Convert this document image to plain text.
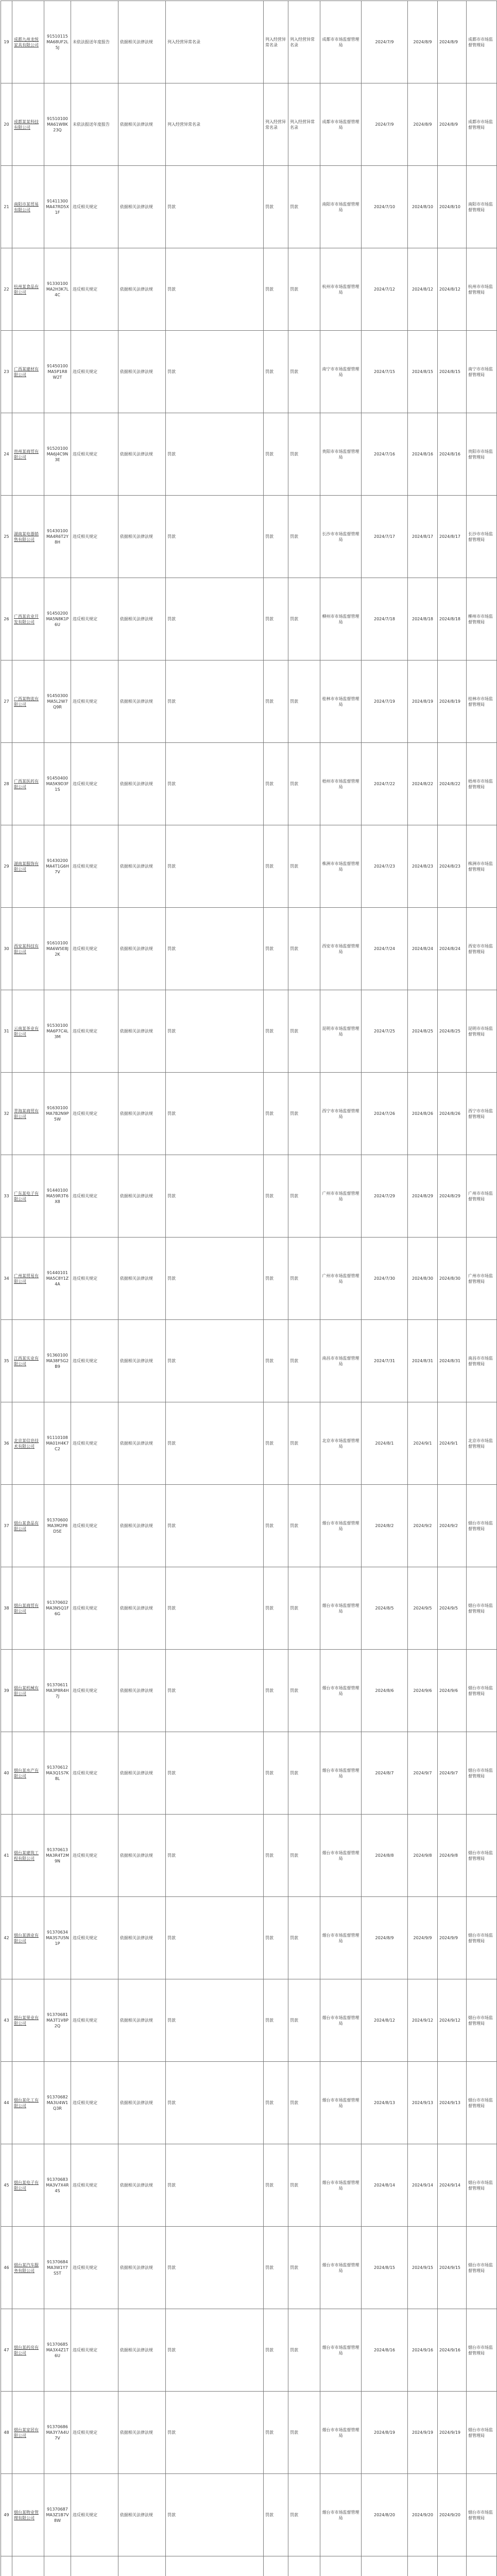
19	成都九州龙悦家具有限公司	91510115MA68UF2L5J	未依法报送年度报告	依据相关法律法规	列入经营异常名录	列入经营异常名录	列入经营异常名录	成都市市场监督管理局	2024/7/9	2024/8/9	2024/8/9	成都市市场监督管理局
20	成都某某科技有限公司	91510100MA61W8K23Q	未依法报送年度报告	依据相关法律法规	列入经营异常名录	列入经营异常名录	列入经营异常名录	成都市市场监督管理局	2024/7/9	2024/8/9	2024/8/9	成都市市场监督管理局
21	南阳市某贸易有限公司	91411300MA47RD5X1F	违反相关规定	依据相关法律法规	罚款	罚款	罚款	南阳市市场监督管理局	2024/7/10	2024/8/10	2024/8/10	南阳市市场监督管理局
22	杭州某食品有限公司	91330100MA2H3K7L4C	违反相关规定	依据相关法律法规	罚款	罚款	罚款	杭州市市场监督管理局	2024/7/12	2024/8/12	2024/8/12	杭州市市场监督管理局
23	广西某建材有限公司	91450100MA5P1R8W2T	违反相关规定	依据相关法律法规	罚款	罚款	罚款	南宁市市场监督管理局	2024/7/15	2024/8/15	2024/8/15	南宁市市场监督管理局
24	贵州某商贸有限公司	91520100MA6J4C9N3E	违反相关规定	依据相关法律法规	罚款	罚款	罚款	贵阳市市场监督管理局	2024/7/16	2024/8/16	2024/8/16	贵阳市市场监督管理局
25	湖南某电器销售有限公司	91430100MA4R6T2Y8H	违反相关规定	依据相关法律法规	罚款	罚款	罚款	长沙市市场监督管理局	2024/7/17	2024/8/17	2024/8/17	长沙市市场监督管理局
26	广西某农业开发有限公司	91450200MA5N8K1P6U	违反相关规定	依据相关法律法规	罚款	罚款	罚款	柳州市市场监督管理局	2024/7/18	2024/8/18	2024/8/18	柳州市市场监督管理局
27	广西某物流有限公司	91450300MA5L2W7Q9R	违反相关规定	依据相关法律法规	罚款	罚款	罚款	桂林市市场监督管理局	2024/7/19	2024/8/19	2024/8/19	桂林市市场监督管理局
28	广西某医药有限公司	91450400MA5K9D3F1S	违反相关规定	依据相关法律法规	罚款	罚款	罚款	梧州市市场监督管理局	2024/7/22	2024/8/22	2024/8/22	梧州市市场监督管理局
29	湖南某服饰有限公司	91430200MA4T1G6H7V	违反相关规定	依据相关法律法规	罚款	罚款	罚款	株洲市市场监督管理局	2024/7/23	2024/8/23	2024/8/23	株洲市市场监督管理局
30	西安某科技有限公司	91610100MA6W5E8J2K	违反相关规定	依据相关法律法规	罚款	罚款	罚款	西安市市场监督管理局	2024/7/24	2024/8/24	2024/8/24	西安市市场监督管理局
31	云南某茶业有限公司	91530100MA6P7C4L3M	违反相关规定	依据相关法律法规	罚款	罚款	罚款	昆明市市场监督管理局	2024/7/25	2024/8/25	2024/8/25	昆明市市场监督管理局
32	青海某商贸有限公司	91630100MA7B2N9P5W	违反相关规定	依据相关法律法规	罚款	罚款	罚款	西宁市市场监督管理局	2024/7/26	2024/8/26	2024/8/26	西宁市市场监督管理局
33	广东某电子有限公司	91440100MA59R3T6X8	违反相关规定	依据相关法律法规	罚款	罚款	罚款	广州市市场监督管理局	2024/7/29	2024/8/29	2024/8/29	广州市市场监督管理局
34	广州某贸易有限公司	91440101MA5C8Y1Z4A	违反相关规定	依据相关法律法规	罚款	罚款	罚款	广州市市场监督管理局	2024/7/30	2024/8/30	2024/8/30	广州市市场监督管理局
35	江西某实业有限公司	91360100MA38F5G2B9	违反相关规定	依据相关法律法规	罚款	罚款	罚款	南昌市市场监督管理局	2024/7/31	2024/8/31	2024/8/31	南昌市市场监督管理局
36	北京某信息技术有限公司	91110108MA01H4K7C2	违反相关规定	依据相关法律法规	罚款	罚款	罚款	北京市市场监督管理局	2024/8/1	2024/9/1	2024/9/1	北京市市场监督管理局
37	烟台某食品有限公司	91370600MA3M2P8D5E	违反相关规定	依据相关法律法规	罚款	罚款	罚款	烟台市市场监督管理局	2024/8/2	2024/9/2	2024/9/2	烟台市市场监督管理局
38	烟台某商贸有限公司	91370602MA3N5Q1F6G	违反相关规定	依据相关法律法规	罚款	罚款	罚款	烟台市市场监督管理局	2024/8/5	2024/9/5	2024/9/5	烟台市市场监督管理局
39	烟台某机械有限公司	91370611MA3P8R4H7J	违反相关规定	依据相关法律法规	罚款	罚款	罚款	烟台市市场监督管理局	2024/8/6	2024/9/6	2024/9/6	烟台市市场监督管理局
40	烟台某水产有限公司	91370612MA3Q1S7K8L	违反相关规定	依据相关法律法规	罚款	罚款	罚款	烟台市市场监督管理局	2024/8/7	2024/9/7	2024/9/7	烟台市市场监督管理局
41	烟台某建筑工程有限公司	91370613MA3R4T2M9N	违反相关规定	依据相关法律法规	罚款	罚款	罚款	烟台市市场监督管理局	2024/8/8	2024/9/8	2024/9/8	烟台市市场监督管理局
42	烟台某酒业有限公司	91370634MA3S7U5N1P	违反相关规定	依据相关法律法规	罚款	罚款	罚款	烟台市市场监督管理局	2024/8/9	2024/9/9	2024/9/9	烟台市市场监督管理局
43	烟台某果业有限公司	91370681MA3T1V8P2Q	违反相关规定	依据相关法律法规	罚款	罚款	罚款	烟台市市场监督管理局	2024/8/12	2024/9/12	2024/9/12	烟台市市场监督管理局
44	烟台某化工有限公司	91370682MA3U4W1Q3R	违反相关规定	依据相关法律法规	罚款	罚款	罚款	烟台市市场监督管理局	2024/8/13	2024/9/13	2024/9/13	烟台市市场监督管理局
45	烟台某电子有限公司	91370683MA3V7X4R4S	违反相关规定	依据相关法律法规	罚款	罚款	罚款	烟台市市场监督管理局	2024/8/14	2024/9/14	2024/9/14	烟台市市场监督管理局
46	烟台某汽车服务有限公司	91370684MA3W1Y7S5T	违反相关规定	依据相关法律法规	罚款	罚款	罚款	烟台市市场监督管理局	2024/8/15	2024/9/15	2024/9/15	烟台市市场监督管理局
47	烟台某药房有限公司	91370685MA3X4Z1T6U	违反相关规定	依据相关法律法规	罚款	罚款	罚款	烟台市市场监督管理局	2024/8/16	2024/9/16	2024/9/16	烟台市市场监督管理局
48	烟台某家居有限公司	91370686MA3Y7A4U7V	违反相关规定	依据相关法律法规	罚款	罚款	罚款	烟台市市场监督管理局	2024/8/19	2024/9/19	2024/9/19	烟台市市场监督管理局
49	烟台某物业管理有限公司	91370687MA3Z1B7V8W	违反相关规定	依据相关法律法规	罚款	罚款	罚款	烟台市市场监督管理局	2024/8/20	2024/9/20	2024/9/20	烟台市市场监督管理局
